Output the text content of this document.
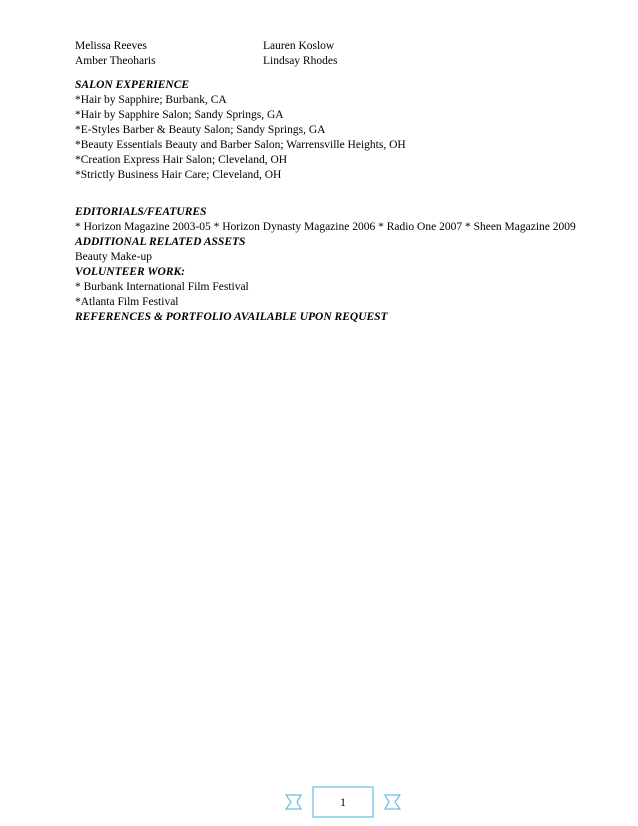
Melissa Reeves	Lauren Koslow
Amber Theoharis	Lindsay Rhodes
SALON EXPERIENCE
*Hair by Sapphire; Burbank, CA
*Hair by Sapphire Salon; Sandy Springs, GA
*E-Styles Barber & Beauty Salon; Sandy Springs, GA
*Beauty Essentials Beauty and Barber Salon; Warrensville Heights, OH
*Creation Express Hair Salon; Cleveland, OH
*Strictly Business Hair Care; Cleveland, OH
EDITORIALS/FEATURES
* Horizon Magazine 2003-05 * Horizon Dynasty Magazine 2006 * Radio One 2007 * Sheen Magazine 2009
ADDITIONAL RELATED ASSETS
Beauty Make-up
VOLUNTEER WORK:
* Burbank International Film Festival
*Atlanta Film Festival
REFERENCES & PORTFOLIO AVAILABLE UPON REQUEST
1
